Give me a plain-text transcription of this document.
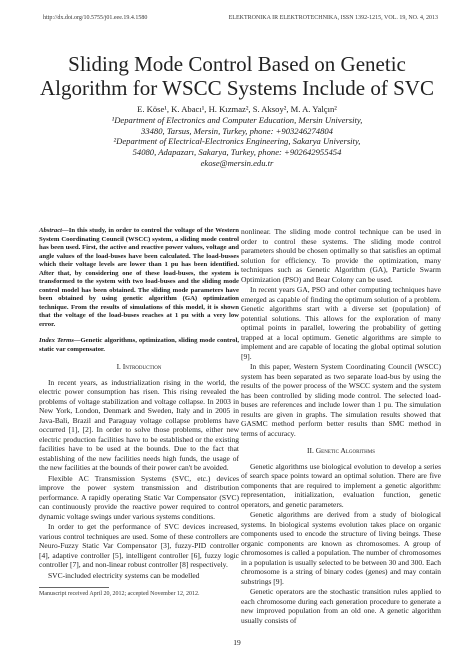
http://dx.doi.org/10.5755/j01.eee.19.4.1580	ELEKTRONIKA IR ELEKTROTECHNIKA, ISSN 1392-1215, VOL. 19, NO. 4, 2013
Sliding Mode Control Based on Genetic
Algorithm for WSCC Systems Include of SVC
E. Köse¹, K. Abacı¹, H. Kızmaz², S. Aksoy², M. A. Yalçın²
¹Department of Electronics and Computer Education, Mersin University,
33480, Tarsus, Mersin, Turkey, phone: +903246274804
²Department of Electrical-Electronics Engineering, Sakarya University,
54080, Adapazarı, Sakarya, Turkey, phone: +902642955454
ekose@mersin.edu.tr

Abstract—In this study, in order to control the voltage of the Western System Coordinating Council (WSCC) system, a sliding mode control has been used. First, the active and reactive power values, voltage and angle values of the load-buses have been calculated. The load-busses which their voltage levels are lower than 1 pu has been identified. After that, by considering one of these load-buses, the system is transformed to the system with two load-buses and the sliding mode control model has been obtained. The sliding mode parameters have been obtained by using genetic algorithm (GA) optimization technique. From the results of simulations of this model, it is shown that the voltage of the load-buses reaches at 1 pu with a very low error.

Index Terms—Genetic algorithms, optimization, sliding mode control, static var compensator.

I. Introduction

In recent years, as industrialization rising in the world, the electric power consumption has risen. This rising revealed the problems of voltage stabilization and voltage collapse. In 2003 in New York, London, Denmark and Sweden, Italy and in 2005 in Java-Bali, Brazil and Paraguay voltage collapse problems have occurred [1], [2]. In order to solve those problems, either new electric production facilities have to be established or the existing facilities have to be used at the bounds. Due to the fact that establishing of the new facilities needs high funds, the usage of the new facilities at the bounds of their power can't be avoided.

Flexible AC Transmission Systems (SVC, etc.) devices improve the power system transmission and distribution performance. A rapidly operating Static Var Compensator (SVC) can continuously provide the reactive power required to control dynamic voltage swings under various systems conditions.

In order to get the performance of SVC devices increased, various control techniques are used. Some of these controllers are Neuro-Fuzzy Static Var Compensator [3], fuzzy-PID controller [4], adaptive controller [5], intelligent controller [6], fuzzy logic controller [7], and non-linear robust controller [8] respectively.

SVC-included electricity systems can be modelled

Manuscript received April 20, 2012; accepted November 12, 2012.

nonlinear. The sliding mode control technique can be used in order to control these systems. The sliding mode control parameters should be chosen optimally so that satisfies an optimal solution for efficiency. To provide the optimization, many techniques such as Genetic Algorithm (GA), Particle Swarm Optimization (PSO) and Bear Colony can be used.

In recent years GA, PSO and other computing techniques have emerged as capable of finding the optimum solution of a problem. Genetic algorithms start with a diverse set (population) of potential solutions. This allows for the exploration of many optimal points in parallel, lowering the probability of getting trapped at a local optimum. Genetic algorithms are simple to implement and are capable of locating the global optimal solution [9].

In this paper, Western System Coordinating Council (WSCC) system has been separated as two separate load-bus by using the results of the power process of the WSCC system and the system has been controlled by sliding mode control. The selected load-buses are references and include lower than 1 pu. The simulation results are given in graphs. The simulation results showed that GASMC method perform better results than SMC method in terms of accuracy.

II. Genetic Algorithms

Genetic algorithms use biological evolution to develop a series of search space points toward an optimal solution. There are five components that are required to implement a genetic algorithm: representation, initialization, evaluation function, genetic operators, and genetic parameters.

Genetic algorithms are derived from a study of biological systems. In biological systems evolution takes place on organic components used to encode the structure of living beings. These organic components are known as chromosomes. A group of chromosomes is called a population. The number of chromosomes in a population is usually selected to be between 30 and 300. Each chromosome is a string of binary codes (genes) and may contain substrings [9].

Genetic operators are the stochastic transition rules applied to each chromosome during each generation procedure to generate a new improved population from an old one. A genetic algorithm usually consists of

19
